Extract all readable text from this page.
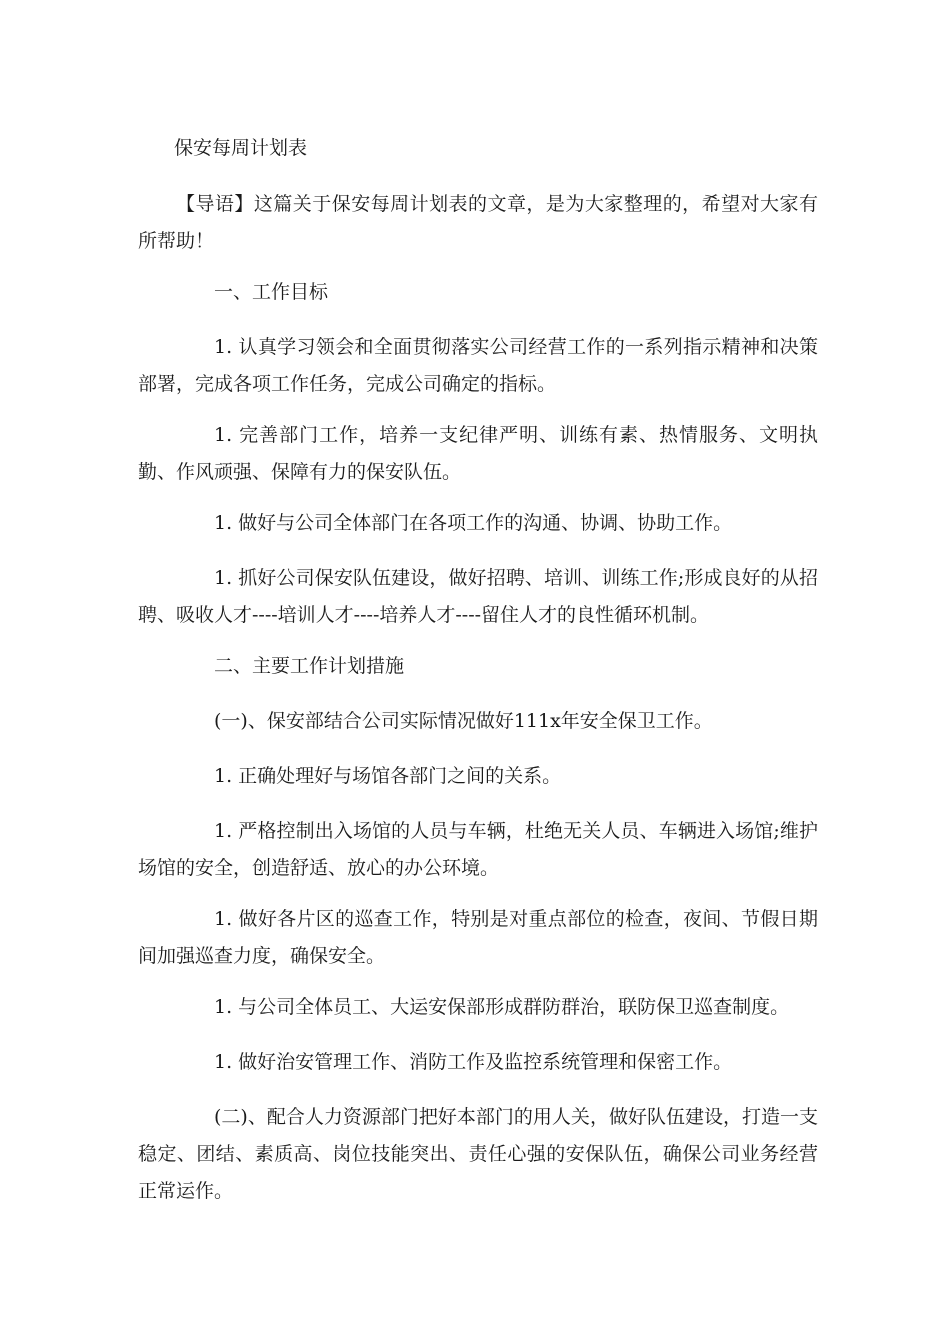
保安每周计划表
【导语】这篇关于保安每周计划表的文章，是为大家整理的，希望对大家有所帮助！
一、工作目标
1. 认真学习领会和全面贯彻落实公司经营工作的一系列指示精神和决策部署，完成各项工作任务，完成公司确定的指标。
1. 完善部门工作，培养一支纪律严明、训练有素、热情服务、文明执勤、作风顽强、保障有力的保安队伍。
1. 做好与公司全体部门在各项工作的沟通、协调、协助工作。
1. 抓好公司保安队伍建设，做好招聘、培训、训练工作;形成良好的从招聘、吸收人才----培训人才----培养人才----留住人才的良性循环机制。
二、主要工作计划措施
(一)、保安部结合公司实际情况做好111x年安全保卫工作。
1. 正确处理好与场馆各部门之间的关系。
1. 严格控制出入场馆的人员与车辆，杜绝无关人员、车辆进入场馆;维护场馆的安全，创造舒适、放心的办公环境。
1. 做好各片区的巡查工作，特别是对重点部位的检查，夜间、节假日期间加强巡查力度，确保安全。
1. 与公司全体员工、大运安保部形成群防群治，联防保卫巡查制度。
1. 做好治安管理工作、消防工作及监控系统管理和保密工作。
(二)、配合人力资源部门把好本部门的用人关，做好队伍建设，打造一支稳定、团结、素质高、岗位技能突出、责任心强的安保队伍，确保公司业务经营正常运作。
